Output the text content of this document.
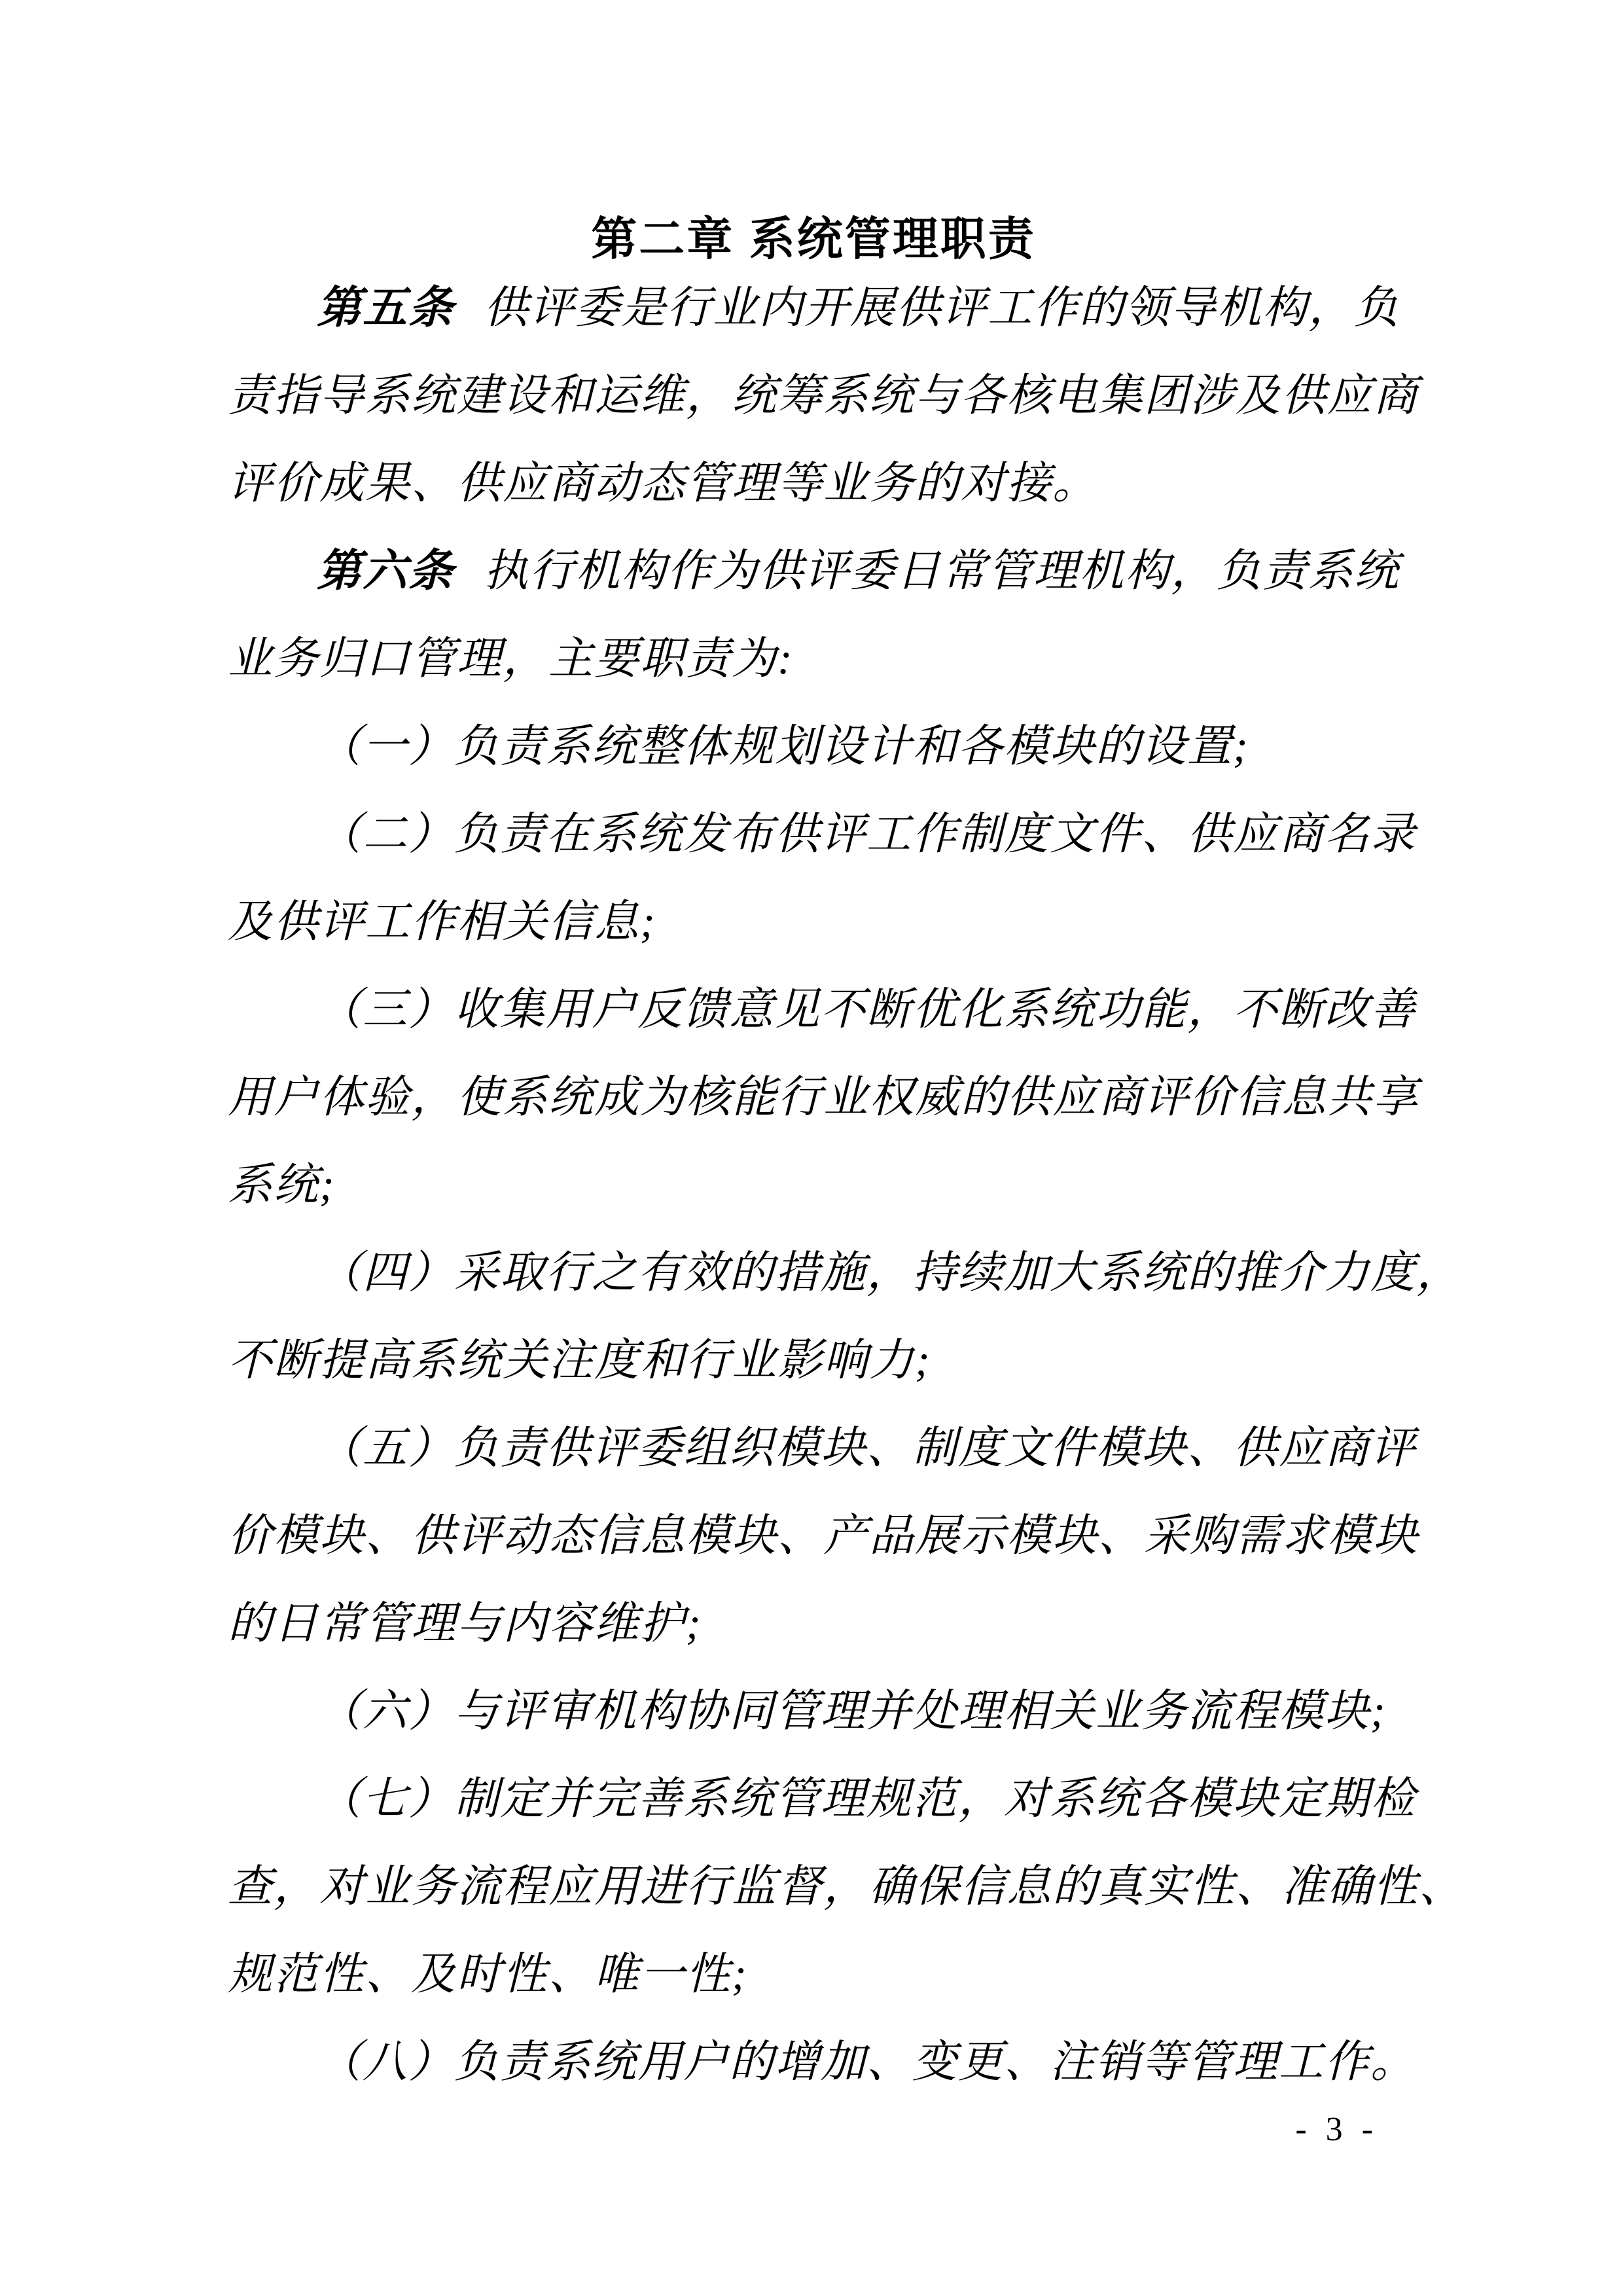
第二章 系统管理职责
第五条 供评委是行业内开展供评工作的领导机构，负
责指导系统建设和运维，统筹系统与各核电集团涉及供应商
评价成果、供应商动态管理等业务的对接。
第六条 执行机构作为供评委日常管理机构，负责系统
业务归口管理，主要职责为:
（一）负责系统整体规划设计和各模块的设置;
（二）负责在系统发布供评工作制度文件、供应商名录
及供评工作相关信息;
（三）收集用户反馈意见不断优化系统功能，不断改善
用户体验，使系统成为核能行业权威的供应商评价信息共享
系统;
（四）采取行之有效的措施，持续加大系统的推介力度，
不断提高系统关注度和行业影响力;
（五）负责供评委组织模块、制度文件模块、供应商评
价模块、供评动态信息模块、产品展示模块、采购需求模块
的日常管理与内容维护;
（六）与评审机构协同管理并处理相关业务流程模块;
（七）制定并完善系统管理规范，对系统各模块定期检
查，对业务流程应用进行监督，确保信息的真实性、准确性、
规范性、及时性、唯一性;
（八）负责系统用户的增加、变更、注销等管理工作。
- 3 -
